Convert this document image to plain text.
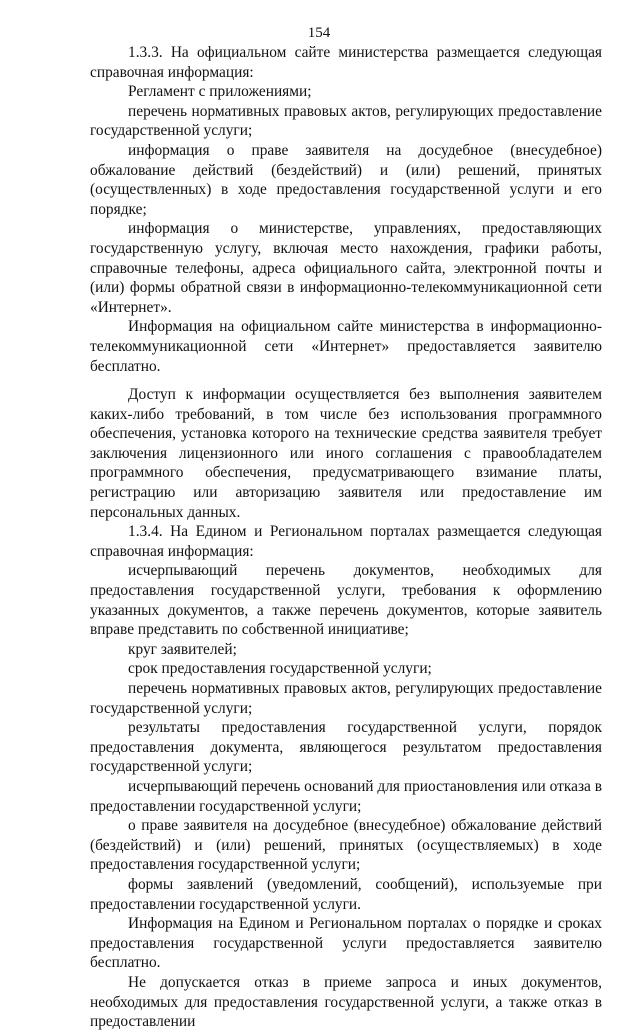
154

1.3.3. На официальном сайте министерства размещается следующая справочная информация:

Регламент с приложениями;

перечень нормативных правовых актов, регулирующих предоставление государственной услуги;

информация о праве заявителя на досудебное (внесудебное) обжалование действий (бездействий) и (или) решений, принятых (осуществленных) в ходе предоставления государственной услуги и его порядке;

информация о министерстве, управлениях, предоставляющих государственную услугу, включая место нахождения, графики работы, справочные телефоны, адреса официального сайта, электронной почты и (или) формы обратной связи в информационно-телекоммуникационной сети «Интернет».

Информация на официальном сайте министерства в информационно-телекоммуникационной сети «Интернет» предоставляется заявителю бесплатно.

Доступ к информации осуществляется без выполнения заявителем каких-либо требований, в том числе без использования программного обеспечения, установка которого на технические средства заявителя требует заключения лицензионного или иного соглашения с правообладателем программного обеспечения, предусматривающего взимание платы, регистрацию или авторизацию заявителя или предоставление им персональных данных.

1.3.4. На Едином и Региональном порталах размещается следующая справочная информация:

исчерпывающий перечень документов, необходимых для предоставления государственной услуги, требования к оформлению указанных документов, а также перечень документов, которые заявитель вправе представить по собственной инициативе;

круг заявителей;

срок предоставления государственной услуги;

перечень нормативных правовых актов, регулирующих предоставление государственной услуги;

результаты предоставления государственной услуги, порядок предоставления документа, являющегося результатом предоставления государственной услуги;

исчерпывающий перечень оснований для приостановления или отказа в предоставлении государственной услуги;

о праве заявителя на досудебное (внесудебное) обжалование действий (бездействий) и (или) решений, принятых (осуществляемых) в ходе предоставления государственной услуги;

формы заявлений (уведомлений, сообщений), используемые при предоставлении государственной услуги.

Информация на Едином и Региональном порталах о порядке и сроках предоставления государственной услуги предоставляется заявителю бесплатно.

Не допускается отказ в приеме запроса и иных документов, необходимых для предоставления государственной услуги, а также отказ в предоставлении
